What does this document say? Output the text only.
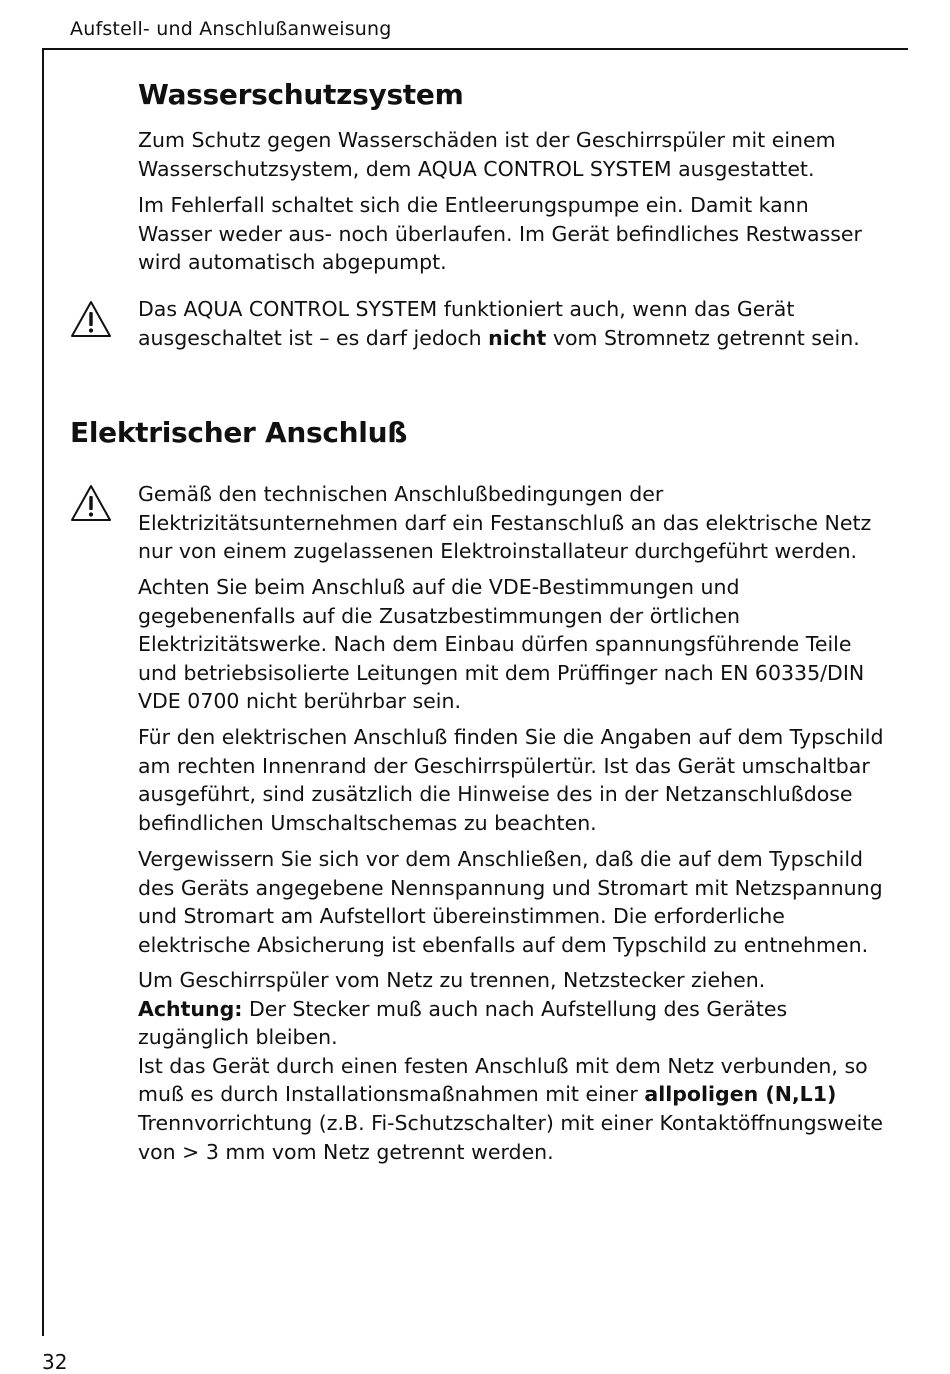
Aufstell- und Anschlußanweisung
Wasserschutzsystem

Zum Schutz gegen Wasserschäden ist der Geschirrspüler mit einem Wasserschutzsystem, dem AQUA CONTROL SYSTEM ausgestattet.

Im Fehlerfall schaltet sich die Entleerungspumpe ein. Damit kann Wasser weder aus- noch überlaufen. Im Gerät befindliches Restwasser wird automatisch abgepumpt.

Das AQUA CONTROL SYSTEM funktioniert auch, wenn das Gerät ausgeschaltet ist – es darf jedoch nicht vom Stromnetz getrennt sein.

Elektrischer Anschluß

Gemäß den technischen Anschlußbedingungen der Elektrizitätsunternehmen darf ein Festanschluß an das elektrische Netz nur von einem zugelassenen Elektroinstallateur durchgeführt werden.

Achten Sie beim Anschluß auf die VDE-Bestimmungen und gegebenenfalls auf die Zusatzbestimmungen der örtlichen Elektrizitätswerke. Nach dem Einbau dürfen spannungsführende Teile und betriebsisolierte Leitungen mit dem Prüffinger nach EN 60335/DIN VDE 0700 nicht berührbar sein.

Für den elektrischen Anschluß finden Sie die Angaben auf dem Typschild am rechten Innenrand der Geschirrspülertür. Ist das Gerät umschaltbar ausgeführt, sind zusätzlich die Hinweise des in der Netzanschlußdose befindlichen Umschaltschemas zu beachten.

Vergewissern Sie sich vor dem Anschließen, daß die auf dem Typschild des Geräts angegebene Nennspannung und Stromart mit Netzspannung und Stromart am Aufstellort übereinstimmen. Die erforderliche elektrische Absicherung ist ebenfalls auf dem Typschild zu entnehmen.

Um Geschirrspüler vom Netz zu trennen, Netzstecker ziehen.
Achtung: Der Stecker muß auch nach Aufstellung des Gerätes zugänglich bleiben.
Ist das Gerät durch einen festen Anschluß mit dem Netz verbunden, so muß es durch Installationsmaßnahmen mit einer allpoligen (N,L1) Trennvorrichtung (z.B. Fi-Schutzschalter) mit einer Kontaktöffnungsweite von > 3 mm vom Netz getrennt werden.
32
